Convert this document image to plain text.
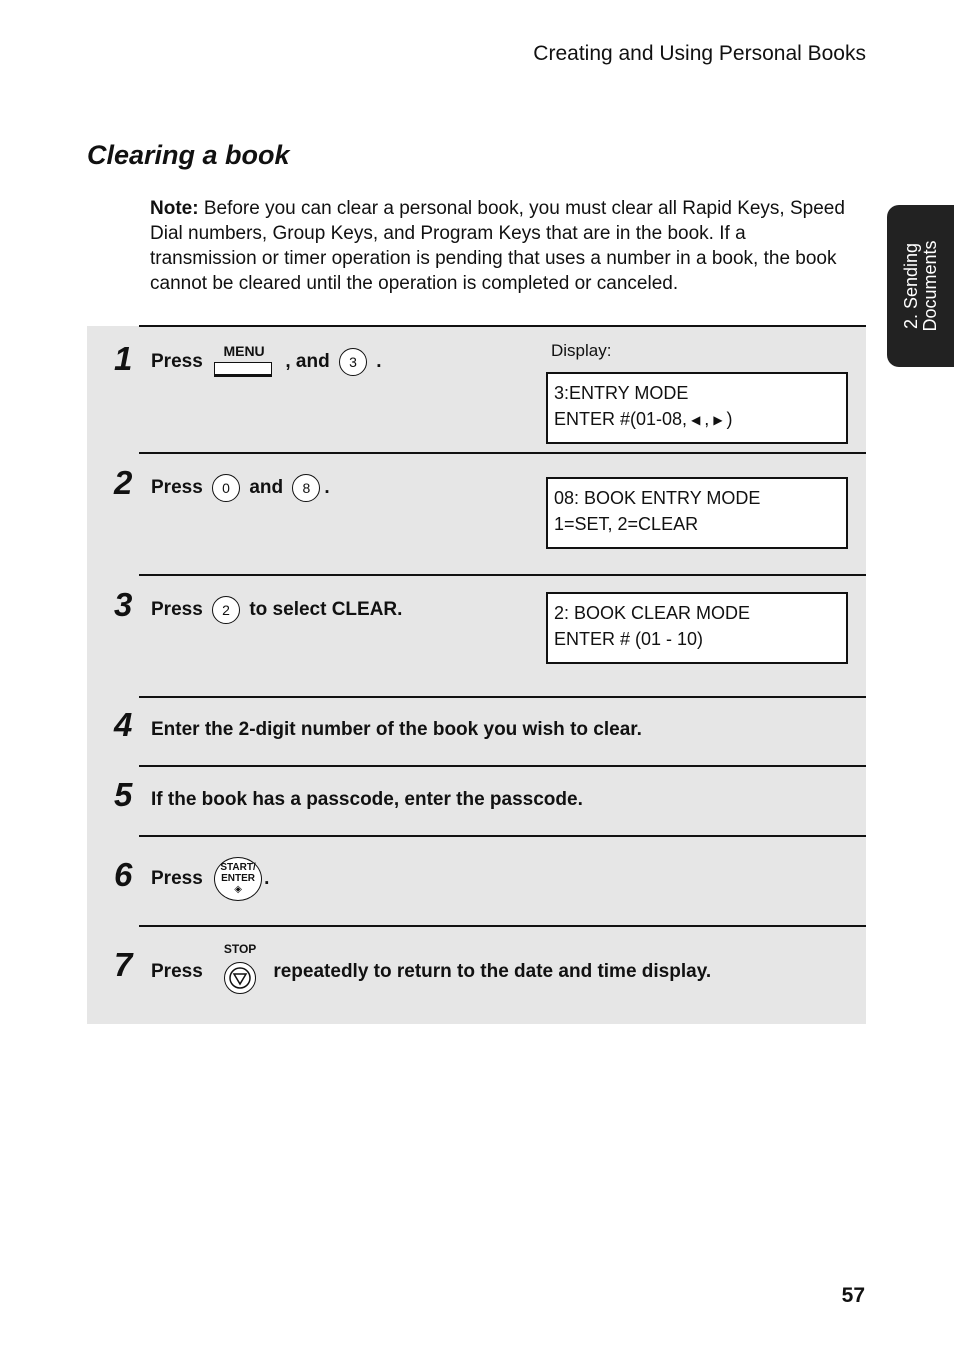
Creating and Using Personal Books
2. Sending Documents
Clearing a book
Note: Before you can clear a personal book, you must clear all Rapid Keys, Speed Dial numbers, Group Keys, and Program Keys that are in the book. If a transmission or timer operation is pending that uses a number in a book, the book cannot be cleared until the operation is completed or canceled.
Display:
1 Press	MENU	, and 3 .
3:ENTRY MODE
ENTER #(01-08, ◀ , ▶ )
2 Press 0 and 8 .	08: BOOK ENTRY MODE
1=SET, 2=CLEAR
3 Press 2 to select CLEAR.	2: BOOK CLEAR MODE
ENTER # (01 - 10)
4 Enter the 2-digit number of the book you wish to clear.
5 If the book has a passcode, enter the passcode.
6 Press
START/
ENTER
◈
.
7 Press
STOP
repeatedly to return to the date and time display.
57
